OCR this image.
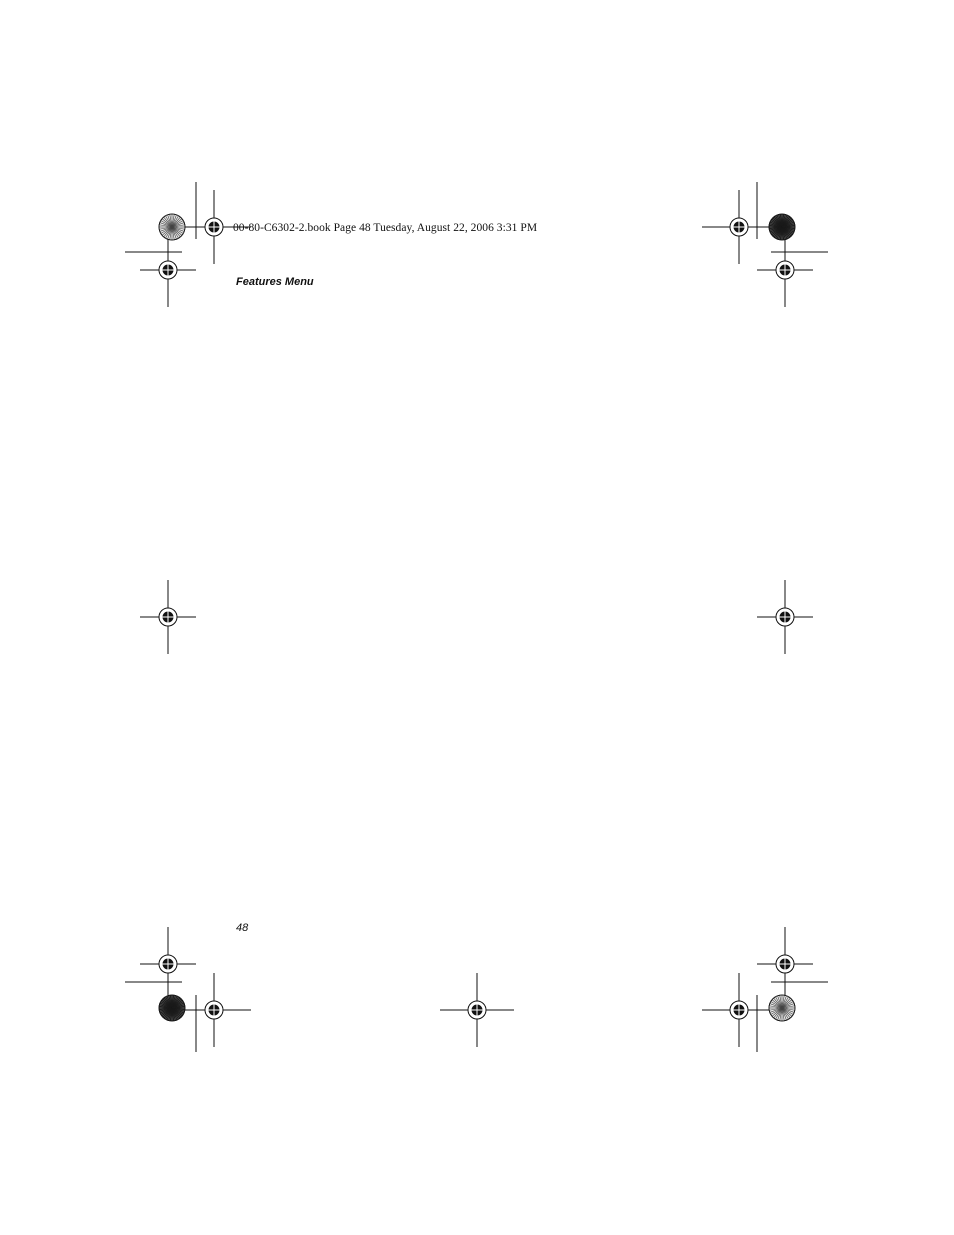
00-80-C6302-2.book Page 48 Tuesday, August 22, 2006 3:31 PM
Features Menu
48
